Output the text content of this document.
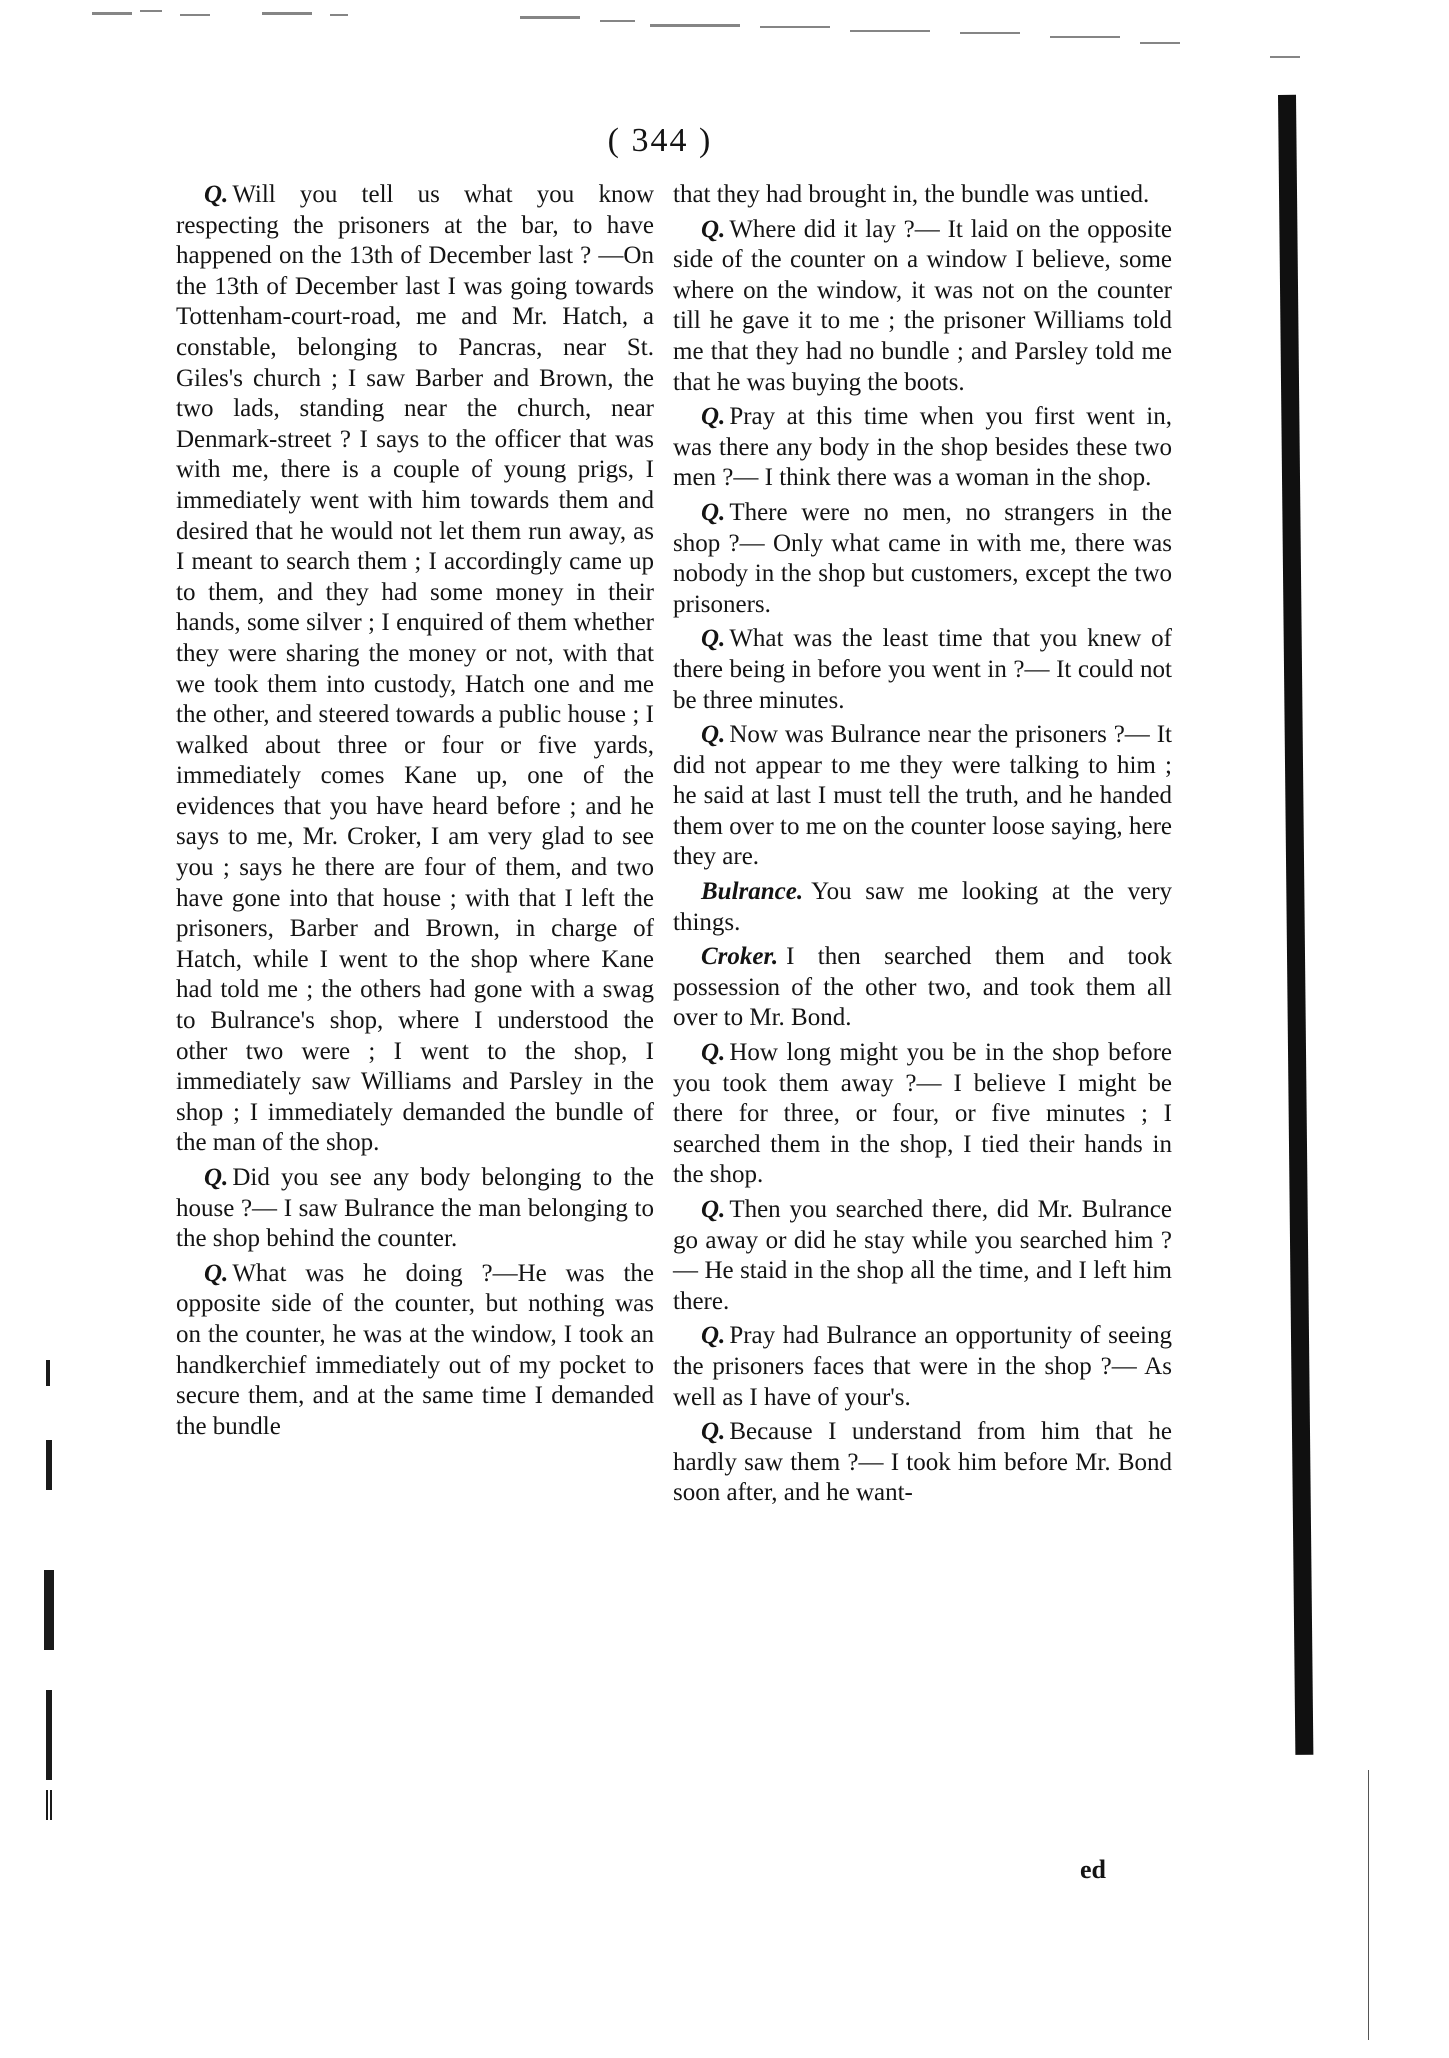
( 344 )

Q. Will you tell us what you know respecting the prisoners at the bar, to have happened on the 13th of December last ? —On the 13th of December last I was going towards Tottenham-court-road, me and Mr. Hatch, a constable, belonging to Pancras, near St. Giles's church ; I saw Barber and Brown, the two lads, standing near the church, near Denmark-street ? I says to the officer that was with me, there is a couple of young prigs, I immediately went with him towards them and desired that he would not let them run away, as I meant to search them ; I accordingly came up to them, and they had some money in their hands, some silver ; I enquired of them whether they were sharing the money or not, with that we took them into custody, Hatch one and me the other, and steered towards a public house ; I walked about three or four or five yards, immediately comes Kane up, one of the evidences that you have heard before ; and he says to me, Mr. Croker, I am very glad to see you ; says he there are four of them, and two have gone into that house ; with that I left the prisoners, Barber and Brown, in charge of Hatch, while I went to the shop where Kane had told me ; the others had gone with a swag to Bulrance's shop, where I understood the other two were ; I went to the shop, I immediately saw Williams and Parsley in the shop ; I immediately demanded the bundle of the man of the shop.

Q. Did you see any body belonging to the house ?— I saw Bulrance the man belonging to the shop behind the counter.

Q. What was he doing ?—He was the opposite side of the counter, but nothing was on the counter, he was at the window, I took an handkerchief immediately out of my pocket to secure them, and at the same time I demanded the bundle

that they had brought in, the bundle was untied.

Q. Where did it lay ?— It laid on the opposite side of the counter on a window I believe, some where on the window, it was not on the counter till he gave it to me ; the prisoner Williams told me that they had no bundle ; and Parsley told me that he was buying the boots.

Q. Pray at this time when you first went in, was there any body in the shop besides these two men ?— I think there was a woman in the shop.

Q. There were no men, no strangers in the shop ?— Only what came in with me, there was nobody in the shop but customers, except the two prisoners.

Q. What was the least time that you knew of there being in before you went in ?— It could not be three minutes.

Q. Now was Bulrance near the prisoners ?— It did not appear to me they were talking to him ; he said at last I must tell the truth, and he handed them over to me on the counter loose saying, here they are.

Bulrance. You saw me looking at the very things.

Croker. I then searched them and took possession of the other two, and took them all over to Mr. Bond.

Q. How long might you be in the shop before you took them away ?— I believe I might be there for three, or four, or five minutes ; I searched them in the shop, I tied their hands in the shop.

Q. Then you searched there, did Mr. Bulrance go away or did he stay while you searched him ?— He staid in the shop all the time, and I left him there.

Q. Pray had Bulrance an opportunity of seeing the prisoners faces that were in the shop ?— As well as I have of your's.

Q. Because I understand from him that he hardly saw them ?— I took him before Mr. Bond soon after, and he want-

ed
